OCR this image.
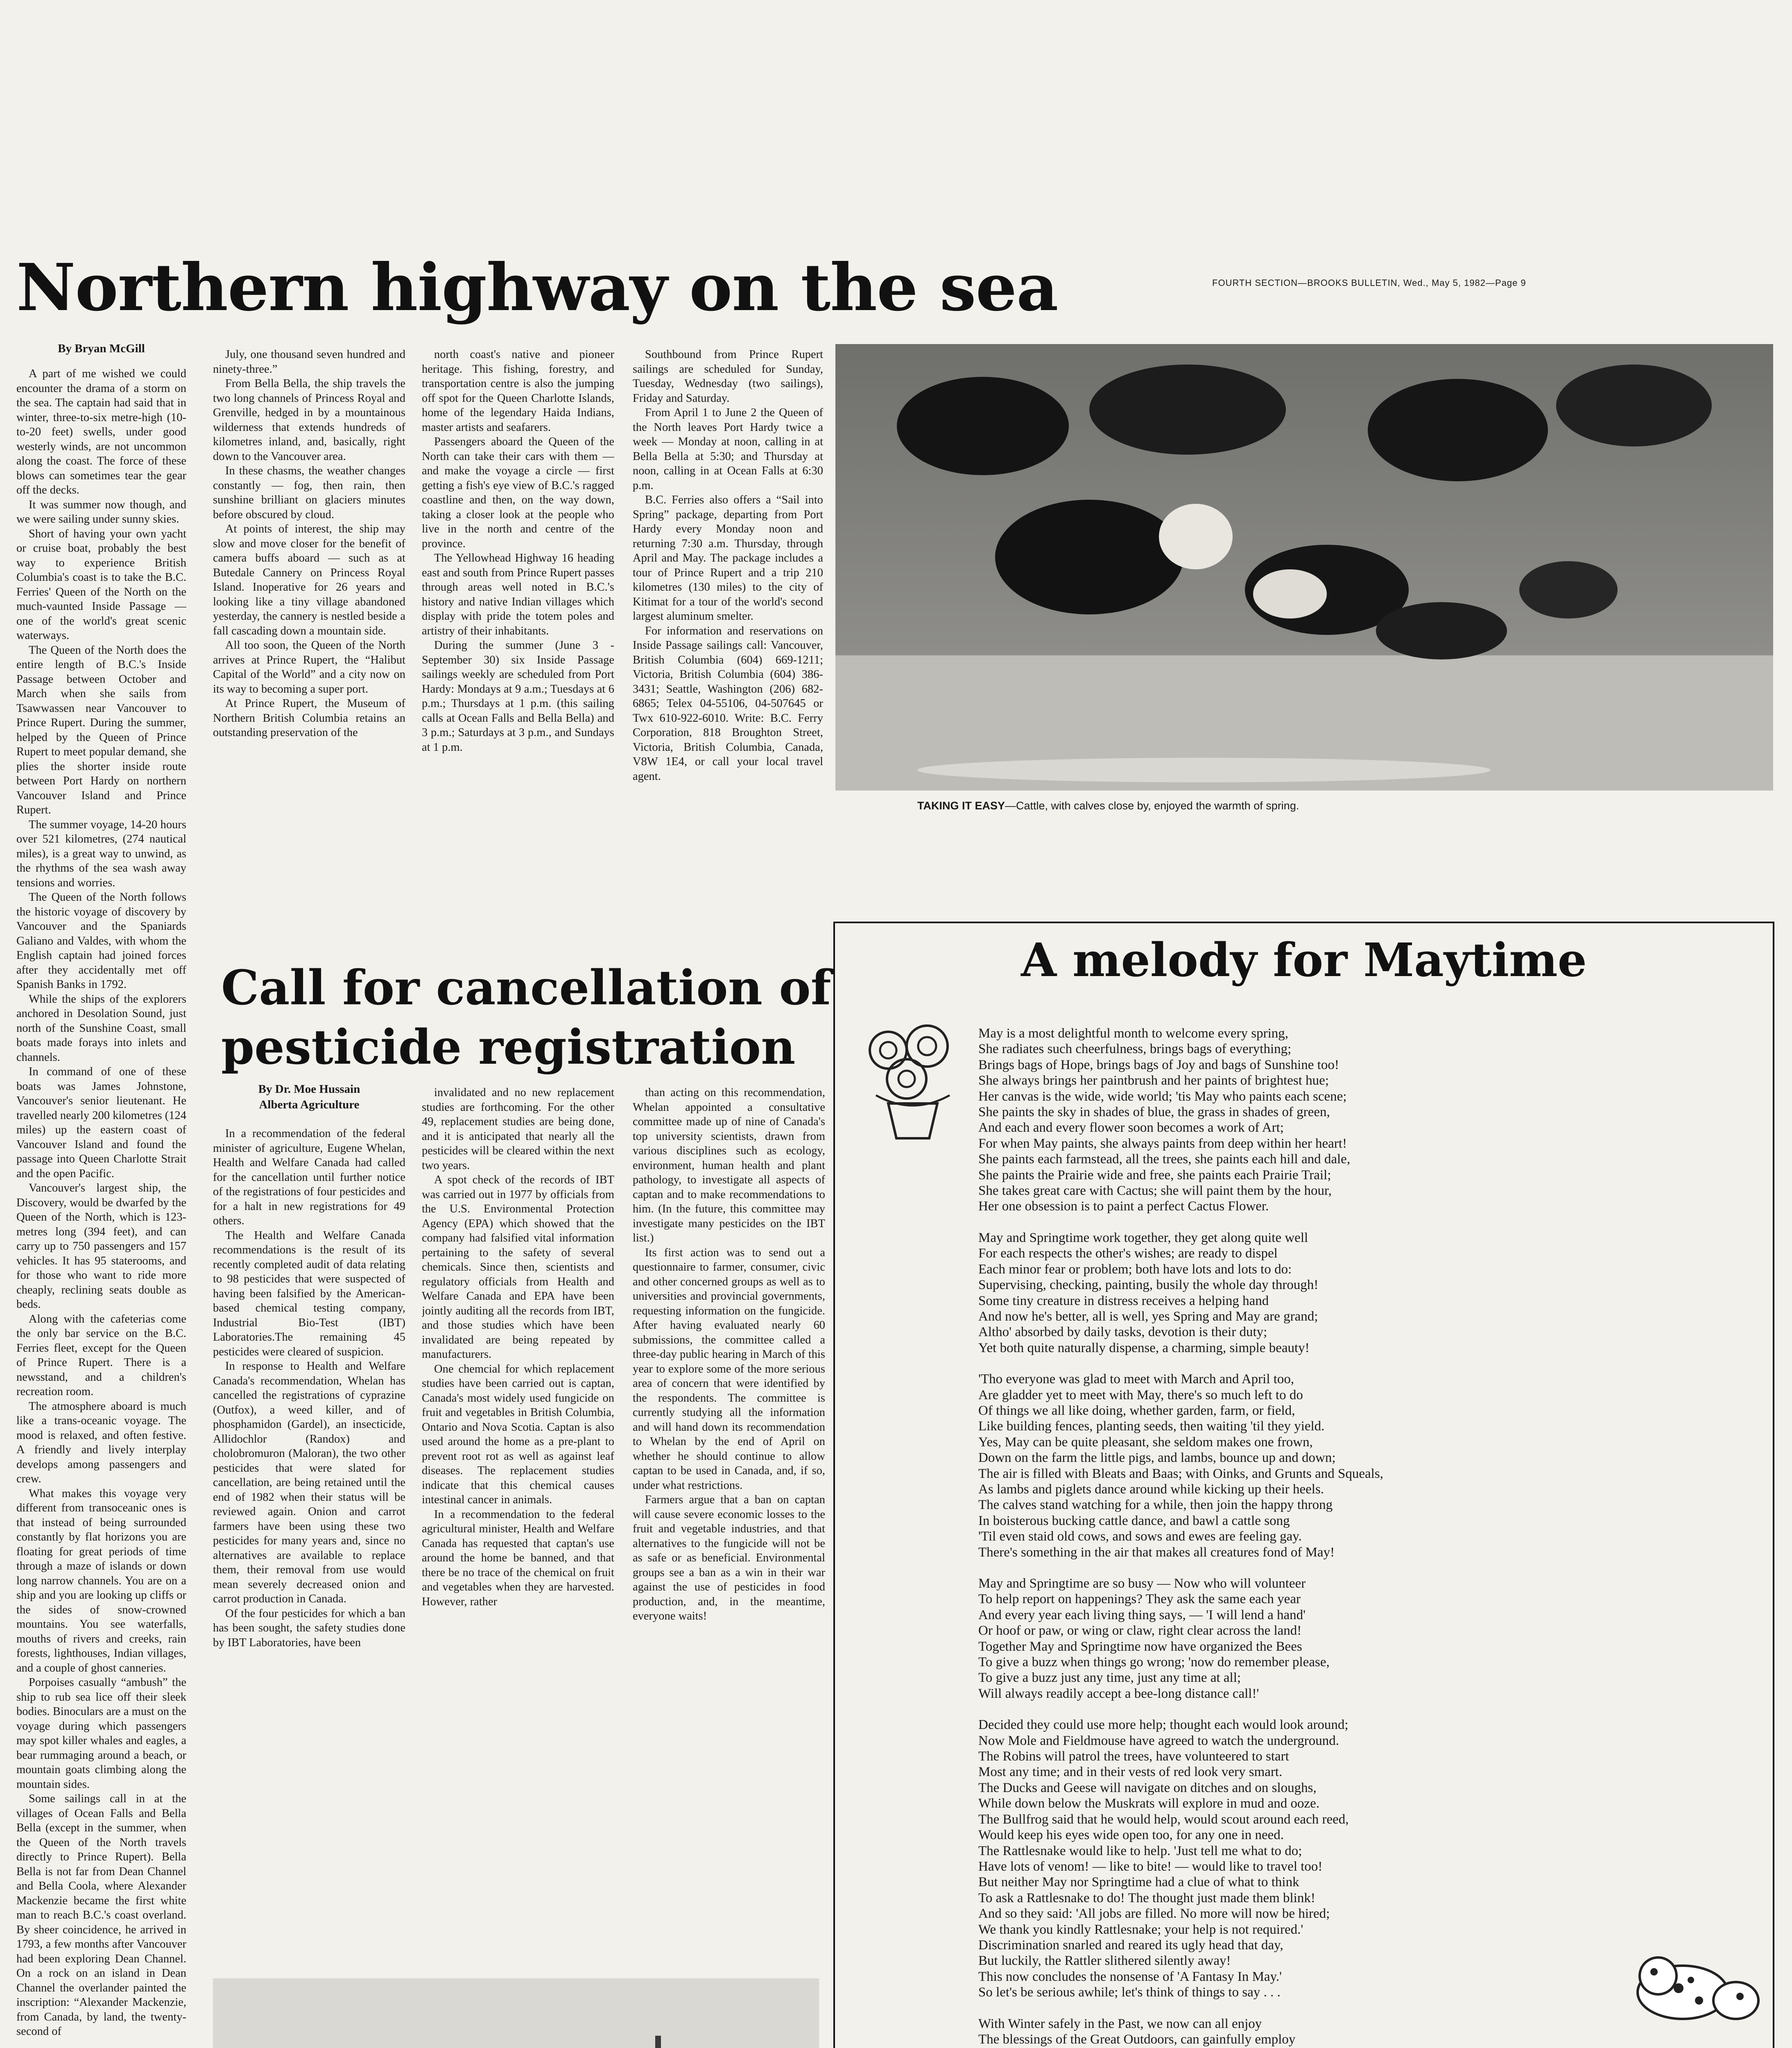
FOURTH SECTION—BROOKS BULLETIN, Wed., May 5, 1982—Page 9
Northern highway on the sea
By Bryan McGill

A part of me wished we could encounter the drama of a storm on the sea. The captain had said that in winter, three-to-six metre-high (10-to-20 feet) swells, under good westerly winds, are not uncommon along the coast. The force of these blows can sometimes tear the gear off the decks.

It was summer now though, and we were sailing under sunny skies.

Short of having your own yacht or cruise boat, probably the best way to experience British Columbia's coast is to take the B.C. Ferries' Queen of the North on the much-vaunted Inside Passage — one of the world's great scenic waterways.

The Queen of the North does the entire length of B.C.'s Inside Passage between October and March when she sails from Tsawwassen near Vancouver to Prince Rupert. During the summer, helped by the Queen of Prince Rupert to meet popular demand, she plies the shorter inside route between Port Hardy on northern Vancouver Island and Prince Rupert.

The summer voyage, 14-20 hours over 521 kilometres, (274 nautical miles), is a great way to unwind, as the rhythms of the sea wash away tensions and worries.

The Queen of the North follows the historic voyage of discovery by Vancouver and the Spaniards Galiano and Valdes, with whom the English captain had joined forces after they accidentally met off Spanish Banks in 1792.

While the ships of the explorers anchored in Desolation Sound, just north of the Sunshine Coast, small boats made forays into inlets and channels.

In command of one of these boats was James Johnstone, Vancouver's senior lieutenant. He travelled nearly 200 kilometres (124 miles) up the eastern coast of Vancouver Island and found the passage into Queen Charlotte Strait and the open Pacific.

Vancouver's largest ship, the Discovery, would be dwarfed by the Queen of the North, which is 123-metres long (394 feet), and can carry up to 750 passengers and 157 vehicles. It has 95 staterooms, and for those who want to ride more cheaply, reclining seats double as beds.

Along with the cafeterias come the only bar service on the B.C. Ferries fleet, except for the Queen of Prince Rupert. There is a newsstand, and a children's recreation room.

The atmosphere aboard is much like a trans-oceanic voyage. The mood is relaxed, and often festive. A friendly and lively interplay develops among passengers and crew.

What makes this voyage very different from transoceanic ones is that instead of being surrounded constantly by flat horizons you are floating for great periods of time through a maze of islands or down long narrow channels. You are on a ship and you are looking up cliffs or the sides of snow-crowned mountains. You see waterfalls, mouths of rivers and creeks, rain forests, lighthouses, Indian villages, and a couple of ghost canneries.

Porpoises casually “ambush” the ship to rub sea lice off their sleek bodies. Binoculars are a must on the voyage during which passengers may spot killer whales and eagles, a bear rummaging around a beach, or mountain goats climbing along the mountain sides.

Some sailings call in at the villages of Ocean Falls and Bella Bella (except in the summer, when the Queen of the North travels directly to Prince Rupert). Bella Bella is not far from Dean Channel and Bella Coola, where Alexander Mackenzie became the first white man to reach B.C.'s coast overland. By sheer coincidence, he arrived in 1793, a few months after Vancouver had been exploring Dean Channel. On a rock on an island in Dean Channel the overlander painted the inscription: “Alexander Mackenzie, from Canada, by land, the twenty-second of

July, one thousand seven hundred and ninety-three.”

From Bella Bella, the ship travels the two long channels of Princess Royal and Grenville, hedged in by a mountainous wilderness that extends hundreds of kilometres inland, and, basically, right down to the Vancouver area.

In these chasms, the weather changes constantly — fog, then rain, then sunshine brilliant on glaciers minutes before obscured by cloud.

At points of interest, the ship may slow and move closer for the benefit of camera buffs aboard — such as at Butedale Cannery on Princess Royal Island. Inoperative for 26 years and looking like a tiny village abandoned yesterday, the cannery is nestled beside a fall cascading down a mountain side.

All too soon, the Queen of the North arrives at Prince Rupert, the “Halibut Capital of the World” and a city now on its way to becoming a super port.

At Prince Rupert, the Museum of Northern British Columbia retains an outstanding preservation of the

north coast's native and pioneer heritage. This fishing, forestry, and transportation centre is also the jumping off spot for the Queen Charlotte Islands, home of the legendary Haida Indians, master artists and seafarers.

Passengers aboard the Queen of the North can take their cars with them — and make the voyage a circle — first getting a fish's eye view of B.C.'s ragged coastline and then, on the way down, taking a closer look at the people who live in the north and centre of the province.

The Yellowhead Highway 16 heading east and south from Prince Rupert passes through areas well noted in B.C.'s history and native Indian villages which display with pride the totem poles and artistry of their inhabitants.

During the summer (June 3 - September 30) six Inside Passage sailings weekly are scheduled from Port Hardy: Mondays at 9 a.m.; Tuesdays at 6 p.m.; Thursdays at 1 p.m. (this sailing calls at Ocean Falls and Bella Bella) and 3 p.m.; Saturdays at 3 p.m., and Sundays at 1 p.m.

Southbound from Prince Rupert sailings are scheduled for Sunday, Tuesday, Wednesday (two sailings), Friday and Saturday.

From April 1 to June 2 the Queen of the North leaves Port Hardy twice a week — Monday at noon, calling in at Bella Bella at 5:30; and Thursday at noon, calling in at Ocean Falls at 6:30 p.m.

B.C. Ferries also offers a “Sail into Spring” package, departing from Port Hardy every Monday noon and returning 7:30 a.m. Thursday, through April and May. The package includes a tour of Prince Rupert and a trip 210 kilometres (130 miles) to the city of Kitimat for a tour of the world's second largest aluminum smelter.

For information and reservations on Inside Passage sailings call: Vancouver, British Columbia (604) 669-1211; Victoria, British Columbia (604) 386-3431; Seattle, Washington (206) 682-6865; Telex 04-55106, 04-507645 or Twx 610-922-6010. Write: B.C. Ferry Corporation, 818 Broughton Street, Victoria, British Columbia, Canada, V8W 1E4, or call your local travel agent.

TAKING IT EASY—Cattle, with calves close by, enjoyed the warmth of spring.
Call for cancellation of
pesticide registration
By Dr. Moe Hussain
Alberta Agriculture

In a recommendation of the federal minister of agriculture, Eugene Whelan, Health and Welfare Canada had called for the cancellation until further notice of the registrations of four pesticides and for a halt in new registrations for 49 others.

The Health and Welfare Canada recommendations is the result of its recently completed audit of data relating to 98 pesticides that were suspected of having been falsified by the American-based chemical testing company, Industrial Bio-Test (IBT) Laboratories.The remaining 45 pesticides were cleared of suspicion.

In response to Health and Welfare Canada's recommendation, Whelan has cancelled the registrations of cyprazine (Outfox), a weed killer, and of phosphamidon (Gardel), an insecticide, Allidochlor (Randox) and cholobromuron (Maloran), the two other pesticides that were slated for cancellation, are being retained until the end of 1982 when their status will be reviewed again. Onion and carrot farmers have been using these two pesticides for many years and, since no alternatives are available to replace them, their removal from use would mean severely decreased onion and carrot production in Canada.

Of the four pesticides for which a ban has been sought, the safety studies done by IBT Laboratories, have been

invalidated and no new replacement studies are forthcoming. For the other 49, replacement studies are being done, and it is anticipated that nearly all the pesticides will be cleared within the next two years.

A spot check of the records of IBT was carried out in 1977 by officials from the U.S. Environmental Protection Agency (EPA) which showed that the company had falsified vital information pertaining to the safety of several chemicals. Since then, scientists and regulatory officials from Health and Welfare Canada and EPA have been jointly auditing all the records from IBT, and those studies which have been invalidated are being repeated by manufacturers.

One chemcial for which replacement studies have been carried out is captan, Canada's most widely used fungicide on fruit and vegetables in British Columbia, Ontario and Nova Scotia. Captan is also used around the home as a pre-plant to prevent root rot as well as against leaf diseases. The replacement studies indicate that this chemical causes intestinal cancer in animals.

In a recommendation to the federal agricultural minister, Health and Welfare Canada has requested that captan's use around the home be banned, and that there be no trace of the chemical on fruit and vegetables when they are harvested. However, rather

than acting on this recommendation, Whelan appointed a consultative committee made up of nine of Canada's top university scientists, drawn from various disciplines such as ecology, environment, human health and plant pathology, to investigate all aspects of captan and to make recommendations to him. (In the future, this committee may investigate many pesticides on the IBT list.)

Its first action was to send out a questionnaire to farmer, consumer, civic and other concerned groups as well as to universities and provincial governments, requesting information on the fungicide. After having evaluated nearly 60 submissions, the committee called a three-day public hearing in March of this year to explore some of the more serious area of concern that were identified by the respondents. The committee is currently studying all the information and will hand down its recommendation to Whelan by the end of April on whether he should continue to allow captan to be used in Canada, and, if so, under what restrictions.

Farmers argue that a ban on captan will cause severe economic losses to the fruit and vegetable industries, and that alternatives to the fungicide will not be as safe or as beneficial. Environmental groups see a ban as a win in their war against the use of pesticides in food production, and, in the meantime, everyone waits!

A melody for Maytime
May is a most delightful month to welcome every spring,
She radiates such cheerfulness, brings bags of everything;
Brings bags of Hope, brings bags of Joy and bags of Sunshine too!
She always brings her paintbrush and her paints of brightest hue;
Her canvas is the wide, wide world; 'tis May who paints each scene;
She paints the sky in shades of blue, the grass in shades of green,
And each and every flower soon becomes a work of Art;
For when May paints, she always paints from deep within her heart!
She paints each farmstead, all the trees, she paints each hill and dale,
She paints the Prairie wide and free, she paints each Prairie Trail;
She takes great care with Cactus; she will paint them by the hour,
Her one obsession is to paint a perfect Cactus Flower.
May and Springtime work together, they get along quite well
For each respects the other's wishes; are ready to dispel
Each minor fear or problem; both have lots and lots to do:
Supervising, checking, painting, busily the whole day through!
Some tiny creature in distress receives a helping hand
And now he's better, all is well, yes Spring and May are grand;
Altho' absorbed by daily tasks, devotion is their duty;
Yet both quite naturally dispense, a charming, simple beauty!
'Tho everyone was glad to meet with March and April too,
Are gladder yet to meet with May, there's so much left to do
Of things we all like doing, whether garden, farm, or field,
Like building fences, planting seeds, then waiting 'til they yield.
Yes, May can be quite pleasant, she seldom makes one frown,
Down on the farm the little pigs, and lambs, bounce up and down;
The air is filled with Bleats and Baas; with Oinks, and Grunts and Squeals,
As lambs and piglets dance around while kicking up their heels.
The calves stand watching for a while, then join the happy throng
In boisterous bucking cattle dance, and bawl a cattle song
'Til even staid old cows, and sows and ewes are feeling gay.
There's something in the air that makes all creatures fond of May!
May and Springtime are so busy — Now who will volunteer
To help report on happenings? They ask the same each year
And every year each living thing says, — 'I will lend a hand'
Or hoof or paw, or wing or claw, right clear across the land!
Together May and Springtime now have organized the Bees
To give a buzz when things go wrong; 'now do remember please,
To give a buzz just any time, just any time at all;
Will always readily accept a bee-long distance call!'
Decided they could use more help; thought each would look around;
Now Mole and Fieldmouse have agreed to watch the underground.
The Robins will patrol the trees, have volunteered to start
Most any time; and in their vests of red look very smart.
The Ducks and Geese will navigate on ditches and on sloughs,
While down below the Muskrats will explore in mud and ooze.
The Bullfrog said that he would help, would scout around each reed,
Would keep his eyes wide open too, for any one in need.
The Rattlesnake would like to help. 'Just tell me what to do;
Have lots of venom! — like to bite! — would like to travel too!
But neither May nor Springtime had a clue of what to think
To ask a Rattlesnake to do! The thought just made them blink!
And so they said: 'All jobs are filled. No more will now be hired;
We thank you kindly Rattlesnake; your help is not required.'
Discrimination snarled and reared its ugly head that day,
But luckily, the Rattler slithered silently away!
This now concludes the nonsense of 'A Fantasy In May.'
So let's be serious awhile; let's think of things to say . . .
With Winter safely in the Past, we now can all enjoy
The blessings of the Great Outdoors, can gainfully employ
